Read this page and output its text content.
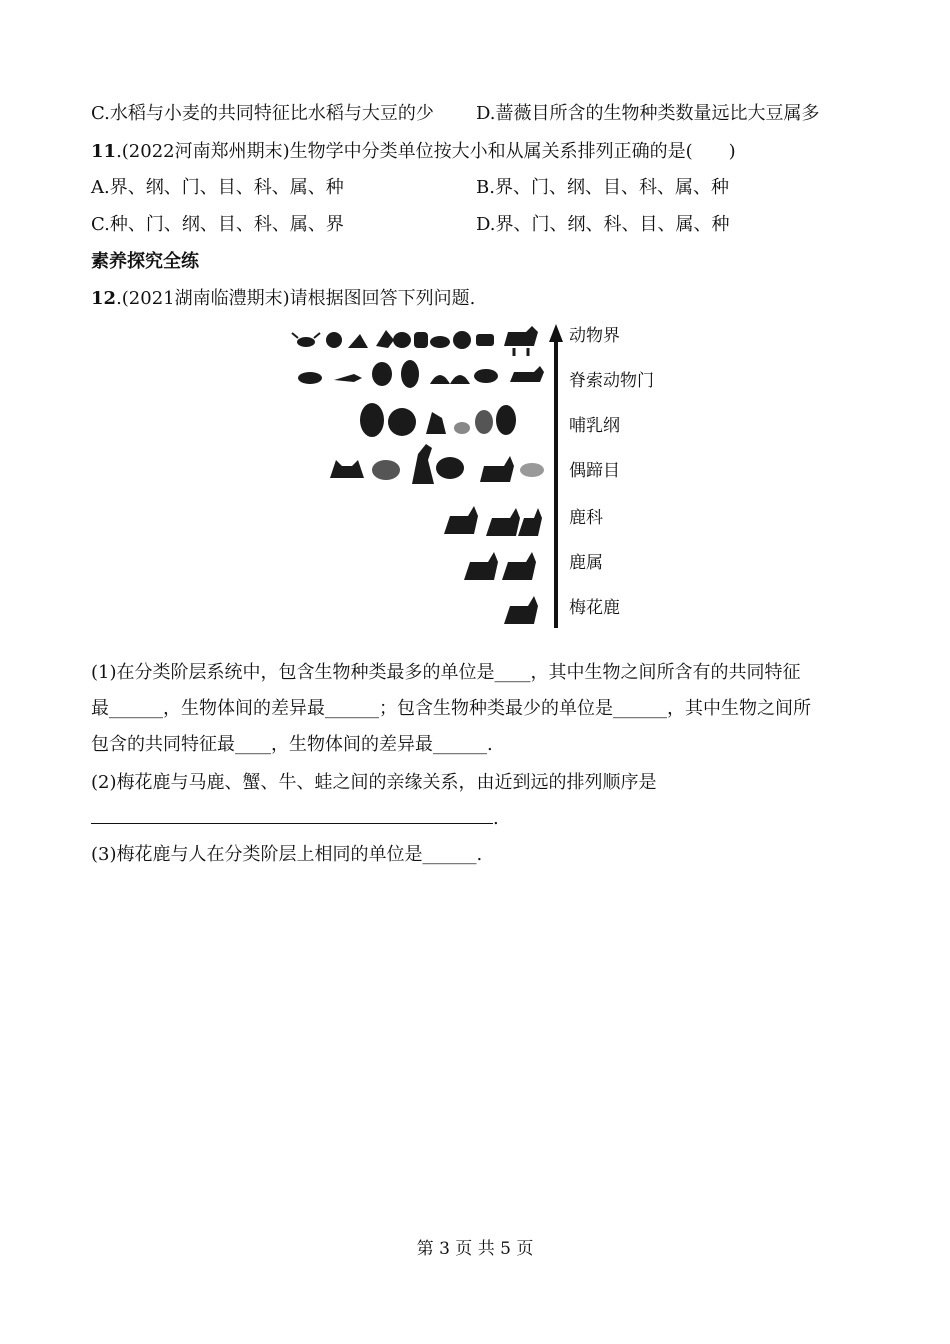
C.水稻与小麦的共同特征比水稻与大豆的少 D.蔷薇目所含的生物种类数量远比大豆属多
11.(2022河南郑州期末)生物学中分类单位按大小和从属关系排列正确的是(　　)
A.界、纲、门、目、科、属、种	B.界、门、纲、目、科、属、种
C.种、门、纲、目、科、属、界	D.界、门、纲、科、目、属、种
素养探究全练
12.(2021湖南临澧期末)请根据图回答下列问题.
动物界
脊索动物门
哺乳纲
偶蹄目
鹿科
鹿属
梅花鹿
(1)在分类阶层系统中，包含生物种类最多的单位是____，其中生物之间所含有的共同特征
最______，生物体间的差异最______；包含生物种类最少的单位是______，其中生物之间所
包含的共同特征最____，生物体间的差异最______.
(2)梅花鹿与马鹿、蟹、牛、蛙之间的亲缘关系，由近到远的排列顺序是
.
(3)梅花鹿与人在分类阶层上相同的单位是______.
第 3 页 共 5 页
